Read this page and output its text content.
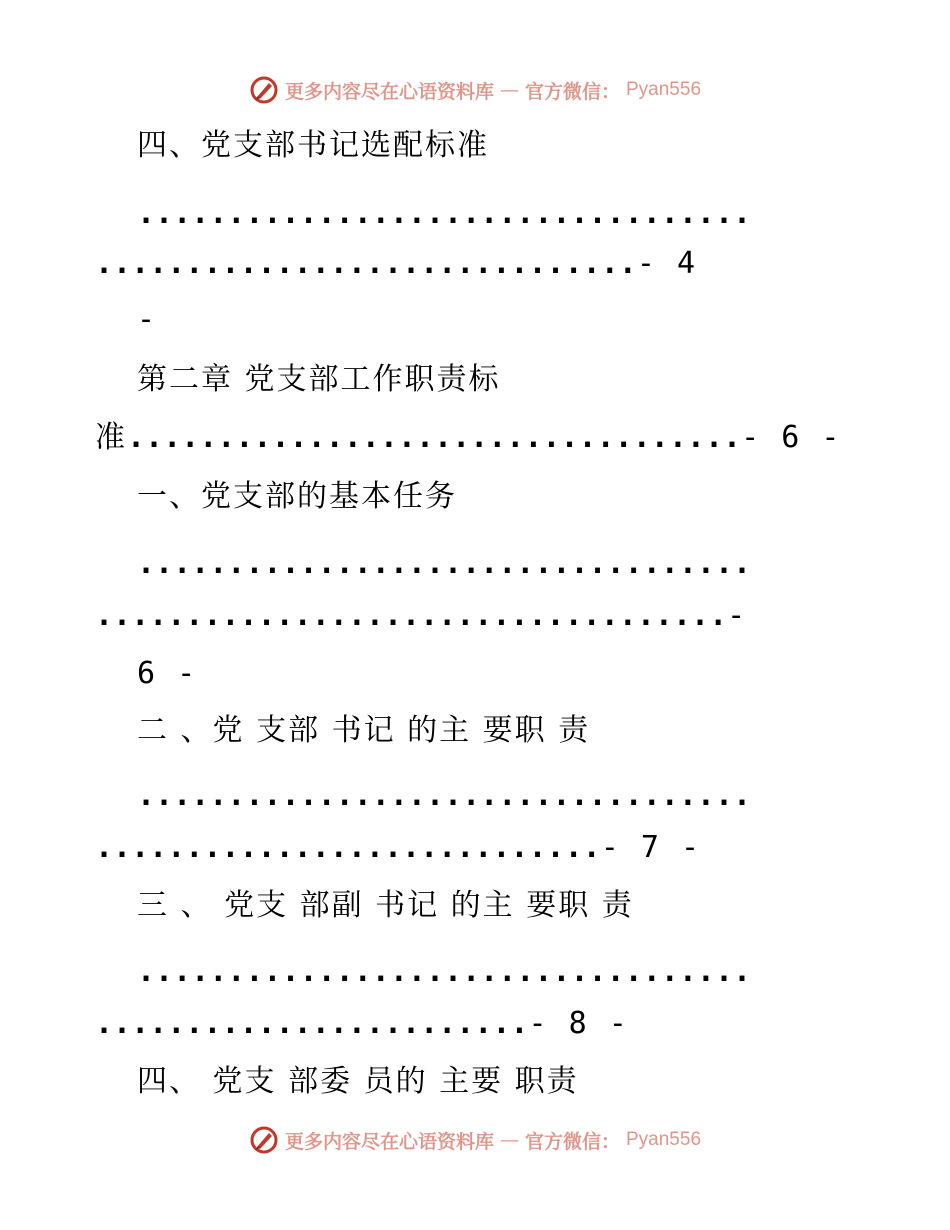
更多内容尽在心语资料库 — 官方微信： Pyan556
四、党支部书记选配标准
..................................
..............................- 4
-
第二章 党支部工作职责标
准..................................- 6 -
一、党支部的基本任务
..................................
...................................-
6 -
二 、党 支部 书记 的主 要职 责
..................................
............................- 7 -
三 、 党支 部副 书记 的主 要职 责
..................................
........................- 8 -
四、 党支 部委 员的 主要 职责
更多内容尽在心语资料库 — 官方微信： Pyan556
